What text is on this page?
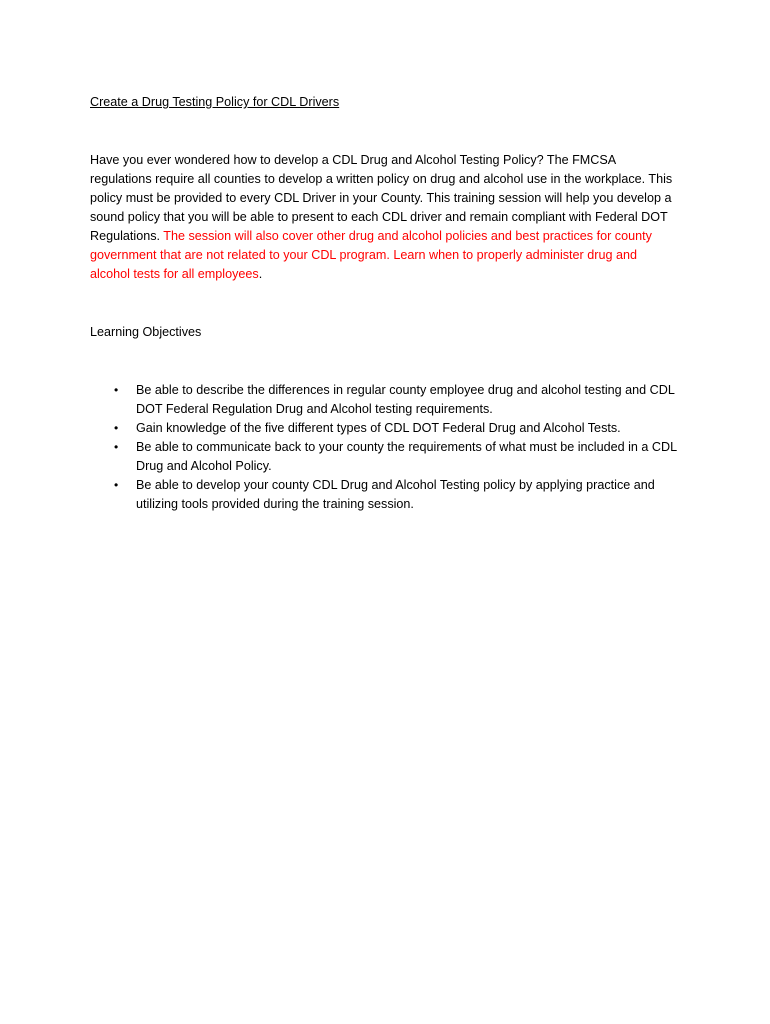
Create a Drug Testing Policy for CDL Drivers

Have you ever wondered how to develop a CDL Drug and Alcohol Testing Policy? The FMCSA regulations require all counties to develop a written policy on drug and alcohol use in the workplace. This policy must be provided to every CDL Driver in your County. This training session will help you develop a sound policy that you will be able to present to each CDL driver and remain compliant with Federal DOT Regulations. The session will also cover other drug and alcohol policies and best practices for county government that are not related to your CDL program. Learn when to properly administer drug and alcohol tests for all employees.

Learning Objectives

• Be able to describe the differences in regular county employee drug and alcohol testing and CDL DOT Federal Regulation Drug and Alcohol testing requirements.
• Gain knowledge of the five different types of CDL DOT Federal Drug and Alcohol Tests.
• Be able to communicate back to your county the requirements of what must be included in a CDL Drug and Alcohol Policy.
• Be able to develop your county CDL Drug and Alcohol Testing policy by applying practice and utilizing tools provided during the training session.
